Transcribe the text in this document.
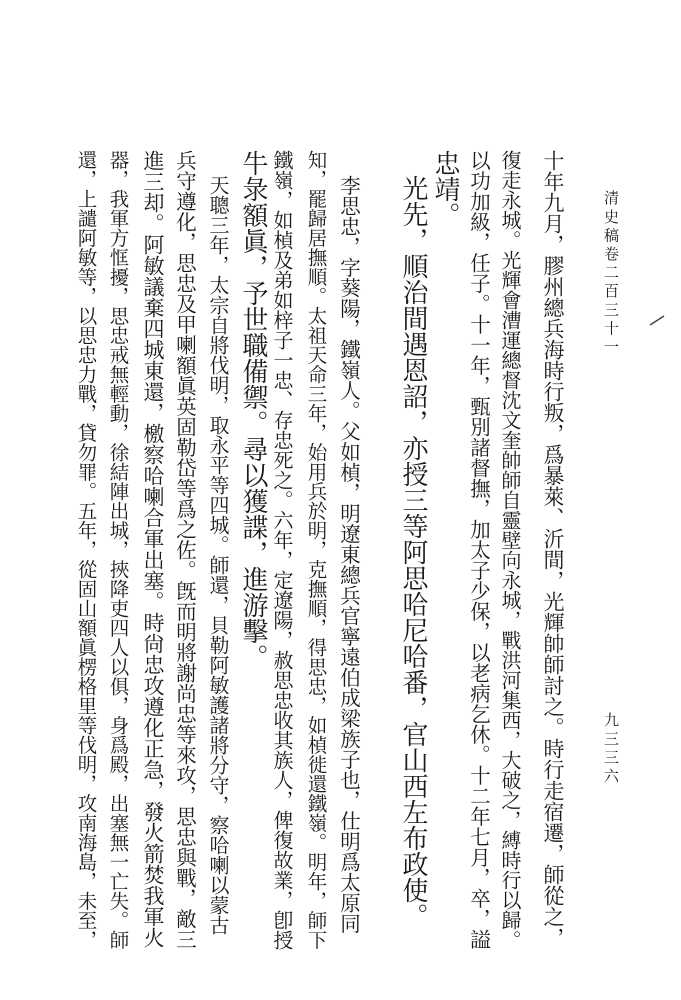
清史稿卷二百三十一
九三三六
十年九月，膠州總兵海時行叛，爲暴萊、沂間，光輝帥師討之。時行走宿遷，師從之，
復走永城。光輝會漕運總督沈文奎帥師自靈壁向永城，戰洪河集西，大破之，縛時行以歸。
以功加級，任子。十一年，甄別諸督撫，加太子少保，以老病乞休。十二年七月，卒，謚
忠靖。
光先，順治間遇恩詔，亦授三等阿思哈尼哈番，官山西左布政使。
李思忠，字葵陽，鐵嶺人。父如楨，明遼東總兵官寧遠伯成梁族子也，仕明爲太原同
知，罷歸居撫順。太祖天命三年，始用兵於明，克撫順，得思忠，如楨徙還鐵嶺。明年，師下
鐵嶺，如楨及弟如梓子一忠、存忠死之。六年，定遼陽，赦思忠收其族人，俾復故業，卽授
牛彔額眞，予世職備禦。尋以獲諜，進游擊。
天聰三年，太宗自將伐明，取永平等四城。師還，貝勒阿敏護諸將分守，察哈喇以蒙古
兵守遵化，思忠及甲喇額眞英固勒岱等爲之佐。旣而明將謝尚忠等來攻，思忠與戰，敵三
進三却。阿敏議棄四城東還，檄察哈喇合軍出塞。時尙忠攻遵化正急，發火箭焚我軍火
器，我軍方恇擾，思忠戒無輕動，徐結陣出城，挾降吏四人以俱，身爲殿，出塞無一亡失。師
還，上譴阿敏等，以思忠力戰，貸勿罪。五年，從固山額眞楞格里等伐明，攻南海島，未至，
